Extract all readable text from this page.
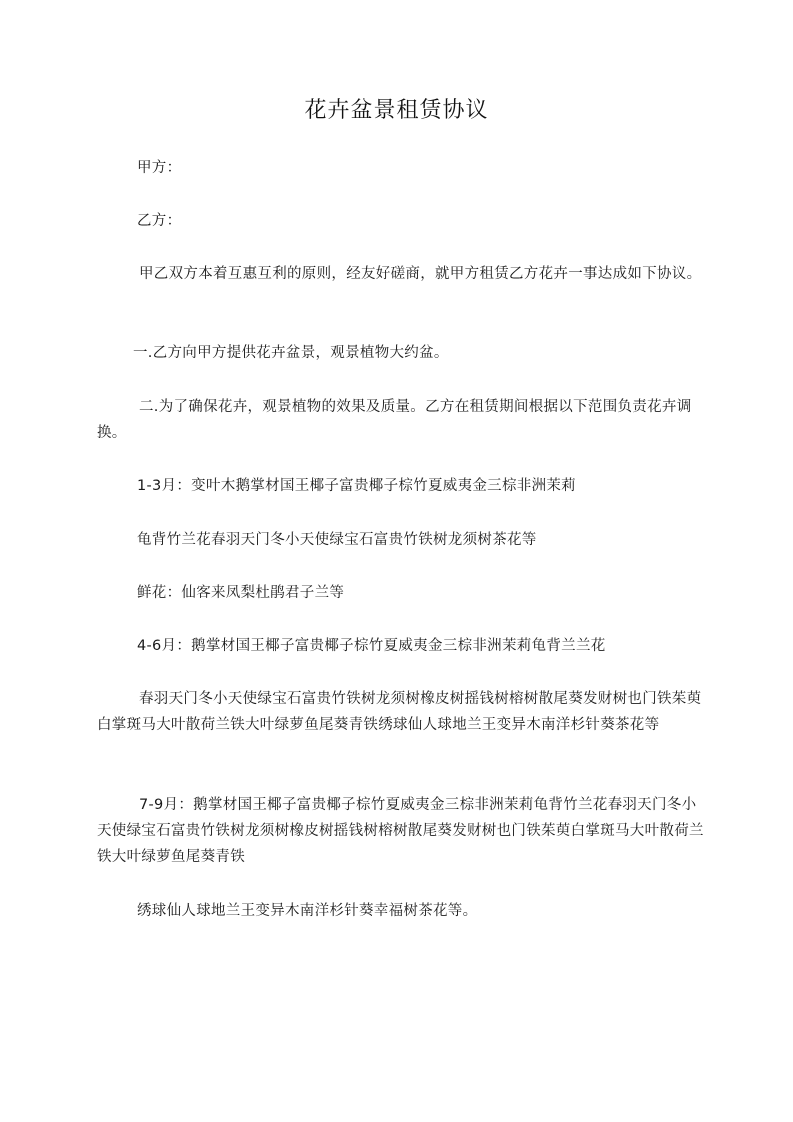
花卉盆景租赁协议

甲方：

乙方：

甲乙双方本着互惠互利的原则，经友好磋商，就甲方租赁乙方花卉一事达成如下协议。

一.乙方向甲方提供花卉盆景，观景植物大约盆。

二.为了确保花卉，观景植物的效果及质量。乙方在租赁期间根据以下范围负责花卉调换。

1-3月：变叶木鹅掌材国王椰子富贵椰子棕竹夏威夷金三棕非洲茉莉

龟背竹兰花春羽天门冬小天使绿宝石富贵竹铁树龙须树茶花等

鲜花：仙客来凤梨杜鹃君子兰等

4-6月：鹅掌材国王椰子富贵椰子棕竹夏威夷金三棕非洲茉莉龟背兰兰花

春羽天门冬小天使绿宝石富贵竹铁树龙须树橡皮树摇钱树榕树散尾葵发财树也门铁茱萸白掌斑马大叶散荷兰铁大叶绿萝鱼尾葵青铁绣球仙人球地兰王变异木南洋杉针葵茶花等

7-9月：鹅掌材国王椰子富贵椰子棕竹夏威夷金三棕非洲茉莉龟背竹兰花春羽天门冬小天使绿宝石富贵竹铁树龙须树橡皮树摇钱树榕树散尾葵发财树也门铁茱萸白掌斑马大叶散荷兰铁大叶绿萝鱼尾葵青铁

绣球仙人球地兰王变异木南洋杉针葵幸福树茶花等。
